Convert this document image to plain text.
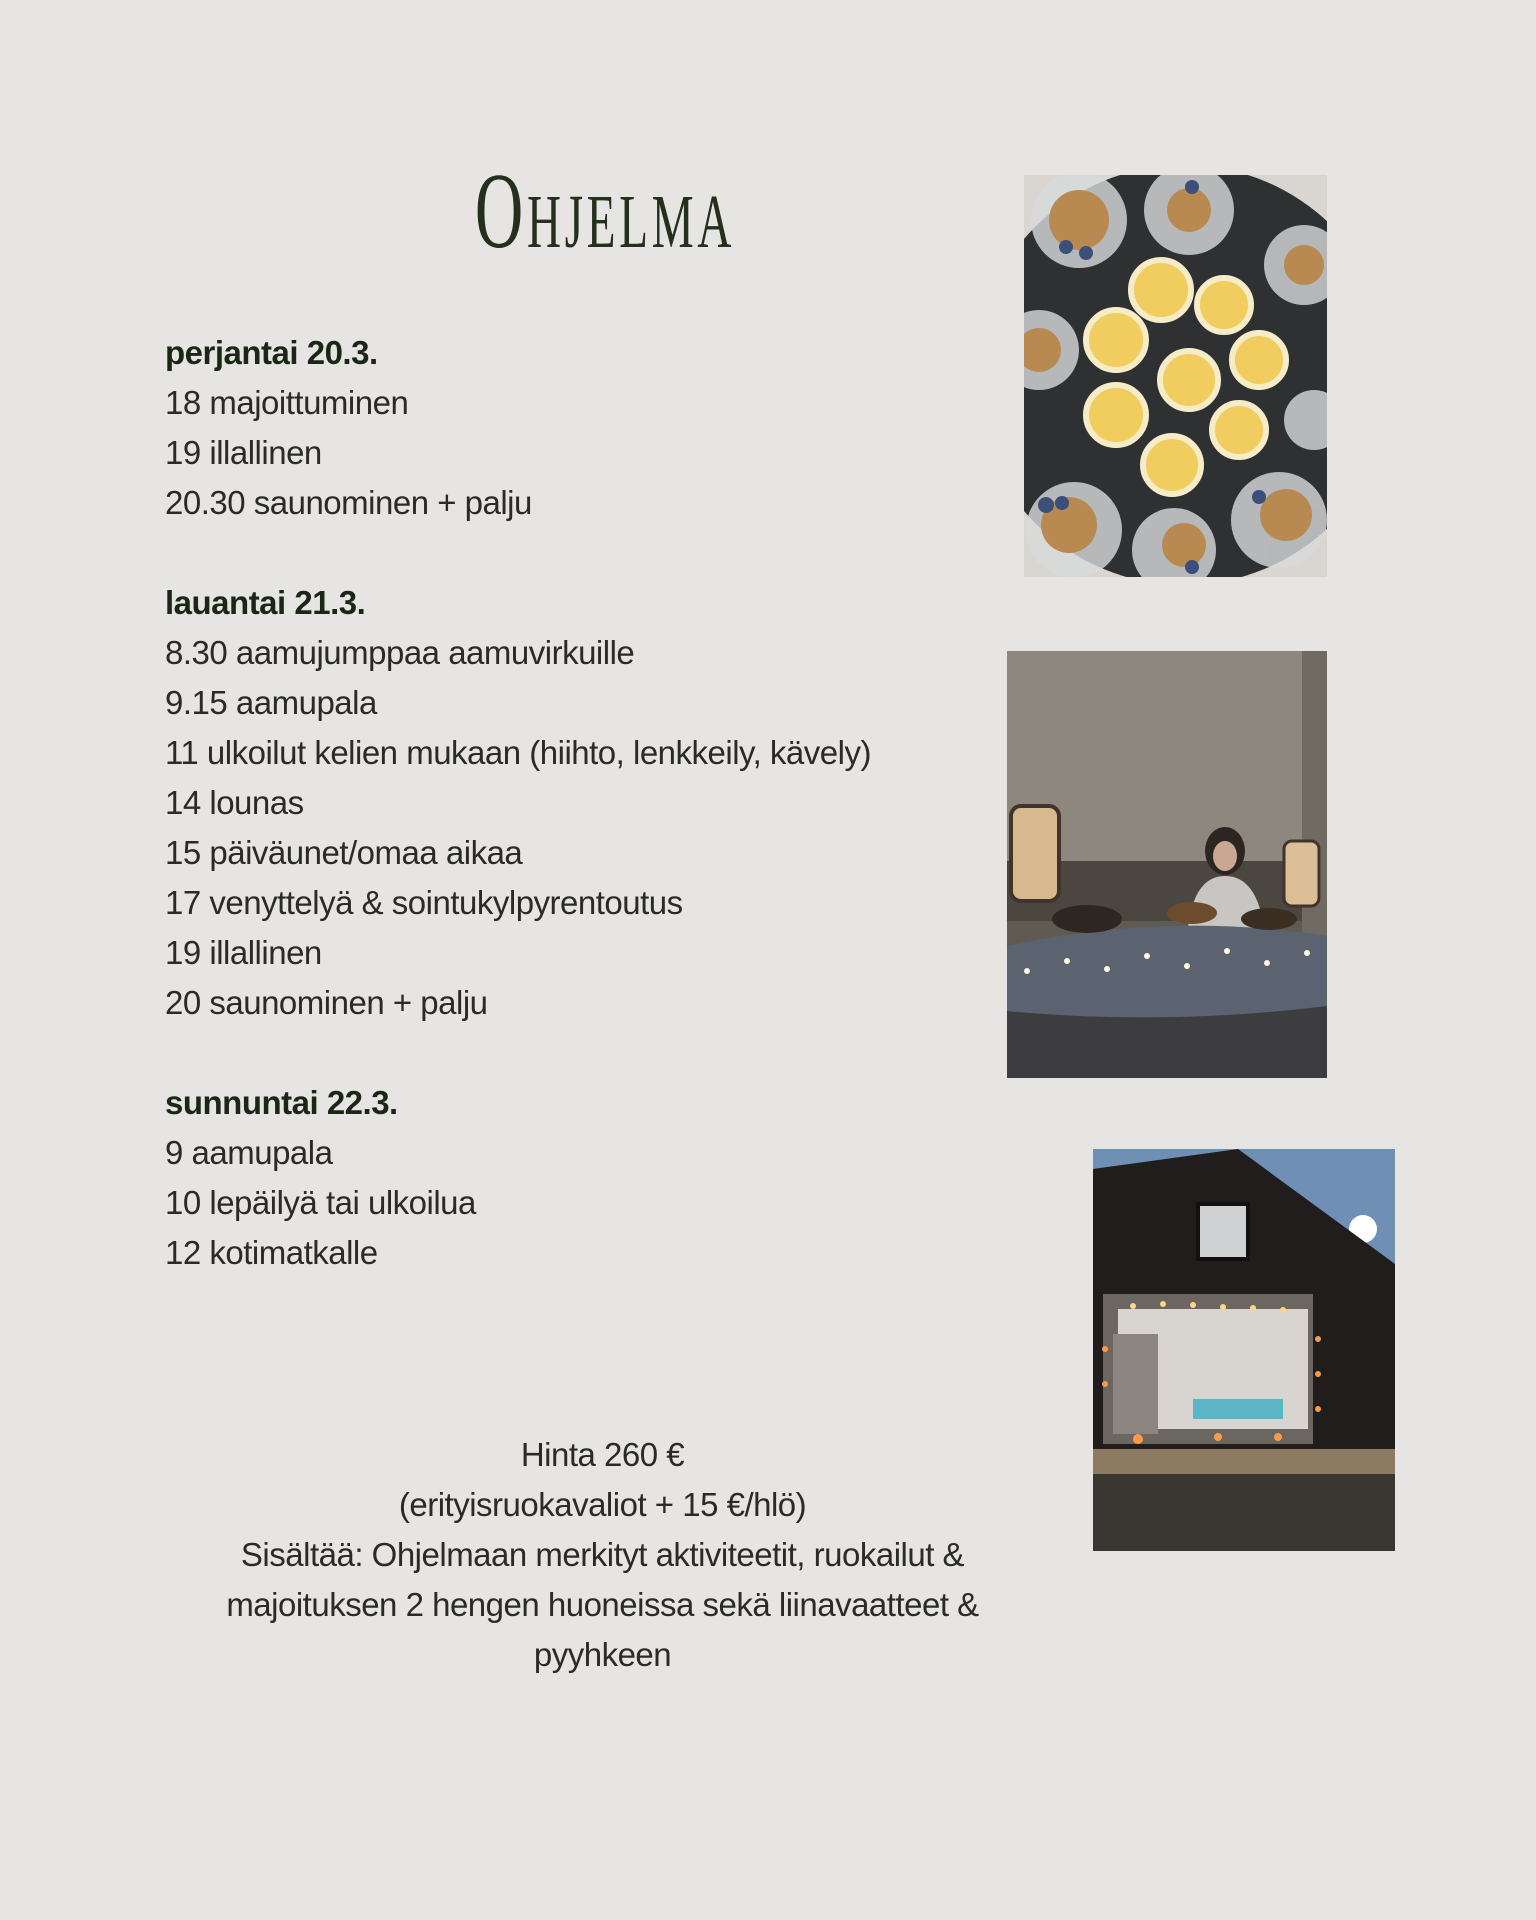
Ohjelma
perjantai 20.3.
18 majoittuminen
19 illallinen
20.30 saunominen + palju
lauantai 21.3.
8.30 aamujumppaa aamuvirkuille
9.15 aamupala
11 ulkoilut kelien mukaan (hiihto, lenkkeily, kävely)
14 lounas
15 päiväunet/omaa aikaa
17 venyttelyä & sointukylpyrentoutus
19 illallinen
20 saunominen + palju
sunnuntai 22.3.
9 aamupala
10 lepäilyä tai ulkoilua
12 kotimatkalle
Hinta 260 €
(erityisruokavaliot + 15 €/hlö)
Sisältää: Ohjelmaan merkityt aktiviteetit, ruokailut & majoituksen 2 hengen huoneissa sekä liinavaatteet & pyyhkeen
